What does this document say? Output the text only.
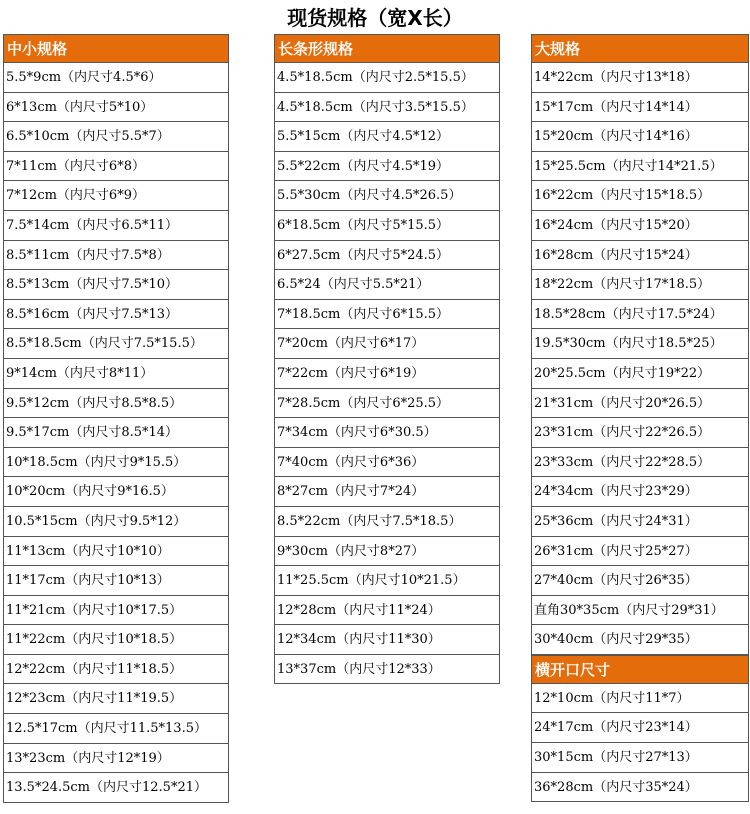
现货规格（宽X长）
中小规格
5.5*9cm（内尺寸4.5*6）
6*13cm（内尺寸5*10）
6.5*10cm（内尺寸5.5*7）
7*11cm（内尺寸6*8）
7*12cm（内尺寸6*9）
7.5*14cm（内尺寸6.5*11）
8.5*11cm（内尺寸7.5*8）
8.5*13cm（内尺寸7.5*10）
8.5*16cm（内尺寸7.5*13）
8.5*18.5cm（内尺寸7.5*15.5）
9*14cm（内尺寸8*11）
9.5*12cm（内尺寸8.5*8.5）
9.5*17cm（内尺寸8.5*14）
10*18.5cm（内尺寸9*15.5）
10*20cm（内尺寸9*16.5）
10.5*15cm（内尺寸9.5*12）
11*13cm（内尺寸10*10）
11*17cm（内尺寸10*13）
11*21cm（内尺寸10*17.5）
11*22cm（内尺寸10*18.5）
12*22cm（内尺寸11*18.5）
12*23cm（内尺寸11*19.5）
12.5*17cm（内尺寸11.5*13.5）
13*23cm（内尺寸12*19）
13.5*24.5cm（内尺寸12.5*21）
长条形规格
4.5*18.5cm（内尺寸2.5*15.5）
4.5*18.5cm（内尺寸3.5*15.5）
5.5*15cm（内尺寸4.5*12）
5.5*22cm（内尺寸4.5*19）
5.5*30cm（内尺寸4.5*26.5）
6*18.5cm（内尺寸5*15.5）
6*27.5cm（内尺寸5*24.5）
6.5*24（内尺寸5.5*21）
7*18.5cm（内尺寸6*15.5）
7*20cm（内尺寸6*17）
7*22cm（内尺寸6*19）
7*28.5cm（内尺寸6*25.5）
7*34cm（内尺寸6*30.5）
7*40cm（内尺寸6*36）
8*27cm（内尺寸7*24）
8.5*22cm（内尺寸7.5*18.5）
9*30cm（内尺寸8*27）
11*25.5cm（内尺寸10*21.5）
12*28cm（内尺寸11*24）
12*34cm（内尺寸11*30）
13*37cm（内尺寸12*33）
大规格
14*22cm（内尺寸13*18）
15*17cm（内尺寸14*14）
15*20cm（内尺寸14*16）
15*25.5cm（内尺寸14*21.5）
16*22cm（内尺寸15*18.5）
16*24cm（内尺寸15*20）
16*28cm（内尺寸15*24）
18*22cm（内尺寸17*18.5）
18.5*28cm（内尺寸17.5*24）
19.5*30cm（内尺寸18.5*25）
20*25.5cm（内尺寸19*22）
21*31cm（内尺寸20*26.5）
23*31cm（内尺寸22*26.5）
23*33cm（内尺寸22*28.5）
24*34cm（内尺寸23*29）
25*36cm（内尺寸24*31）
26*31cm（内尺寸25*27）
27*40cm（内尺寸26*35）
直角30*35cm（内尺寸29*31）
30*40cm（内尺寸29*35）
横开口尺寸
12*10cm（内尺寸11*7）
24*17cm（内尺寸23*14）
30*15cm（内尺寸27*13）
36*28cm（内尺寸35*24）
